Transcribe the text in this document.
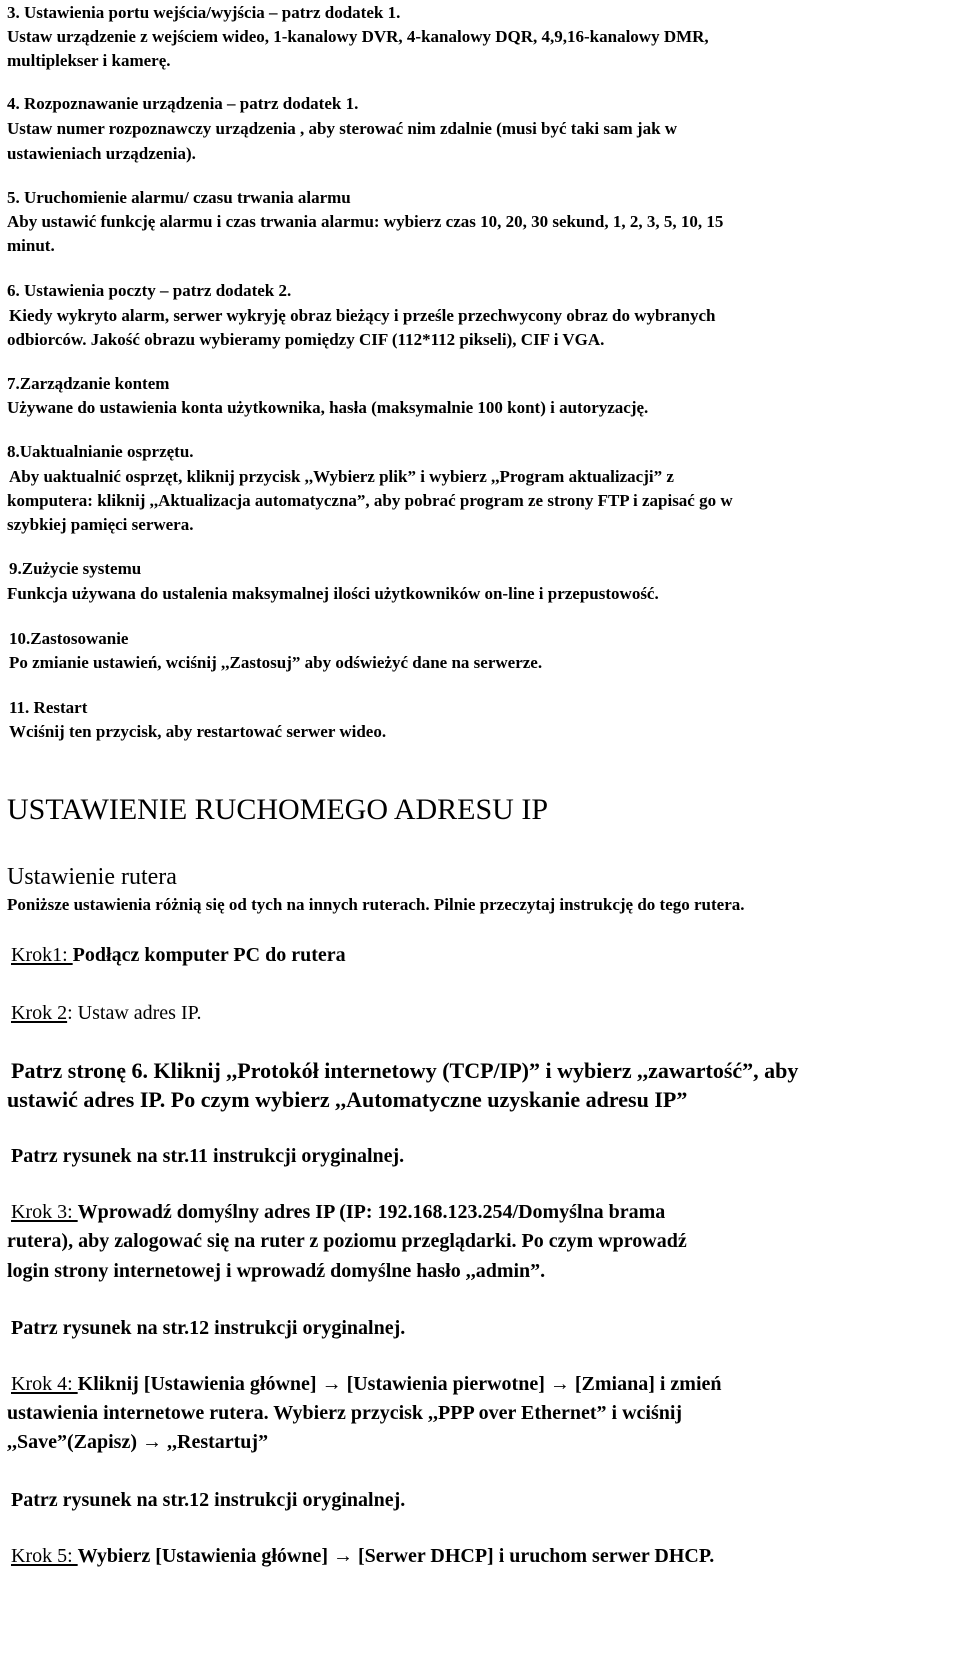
3. Ustawienia portu wejścia/wyjścia – patrz dodatek 1.
Ustaw urządzenie z wejściem wideo, 1-kanalowy DVR, 4-kanalowy DQR, 4,9,16-kanalowy DMR,
multiplekser i kamerę.
4. Rozpoznawanie urządzenia – patrz dodatek 1.
Ustaw numer rozpoznawczy urządzenia , aby sterować nim zdalnie (musi być taki sam jak w
ustawieniach urządzenia).
5. Uruchomienie alarmu/ czasu trwania alarmu
Aby ustawić funkcję alarmu i czas trwania alarmu: wybierz czas 10, 20, 30 sekund, 1, 2, 3, 5, 10, 15
minut.
6. Ustawienia poczty – patrz dodatek 2.
Kiedy wykryto alarm, serwer wykryję obraz bieżący i prześle przechwycony obraz do wybranych
odbiorców. Jakość obrazu wybieramy pomiędzy CIF (112*112 pikseli), CIF i VGA.
7.Zarządzanie kontem
Używane do ustawienia konta użytkownika, hasła (maksymalnie 100 kont) i autoryzację.
8.Uaktualnianie osprzętu.
Aby uaktualnić osprzęt, kliknij przycisk ,,Wybierz plik” i wybierz ,,Program aktualizacji” z
komputera: kliknij ,,Aktualizacja automatyczna”, aby pobrać program ze strony FTP i zapisać go w
szybkiej pamięci serwera.
9.Zużycie systemu
Funkcja używana do ustalenia maksymalnej ilości użytkowników on-line i przepustowość.
10.Zastosowanie
Po zmianie ustawień, wciśnij ,,Zastosuj” aby odświeżyć dane na serwerze.
11. Restart
Wciśnij ten przycisk, aby restartować serwer wideo.
USTAWIENIE RUCHOMEGO ADRESU IP
Ustawienie rutera
Poniższe ustawienia różnią się od tych na innych ruterach. Pilnie przeczytaj instrukcję do tego rutera.
Krok1: Podłącz komputer PC do rutera
Krok 2: Ustaw adres IP.
Patrz stronę 6. Kliknij ,,Protokół internetowy (TCP/IP)” i wybierz ,,zawartość”, aby
ustawić adres IP. Po czym wybierz ,,Automatyczne uzyskanie adresu IP”
Patrz rysunek na str.11 instrukcji oryginalnej.
Krok 3: Wprowadź domyślny adres IP (IP: 192.168.123.254/Domyślna brama
rutera), aby zalogować się na ruter z poziomu przeglądarki. Po czym wprowadź
login strony internetowej i wprowadź domyślne hasło ,,admin”.
Patrz rysunek na str.12 instrukcji oryginalnej.
Krok 4: Kliknij [Ustawienia główne] → [Ustawienia pierwotne] → [Zmiana] i zmień
ustawienia internetowe rutera. Wybierz przycisk ,,PPP over Ethernet” i wciśnij
,,Save”(Zapisz) → ,,Restartuj”
Patrz rysunek na str.12 instrukcji oryginalnej.
Krok 5: Wybierz [Ustawienia główne] → [Serwer DHCP] i uruchom serwer DHCP.
